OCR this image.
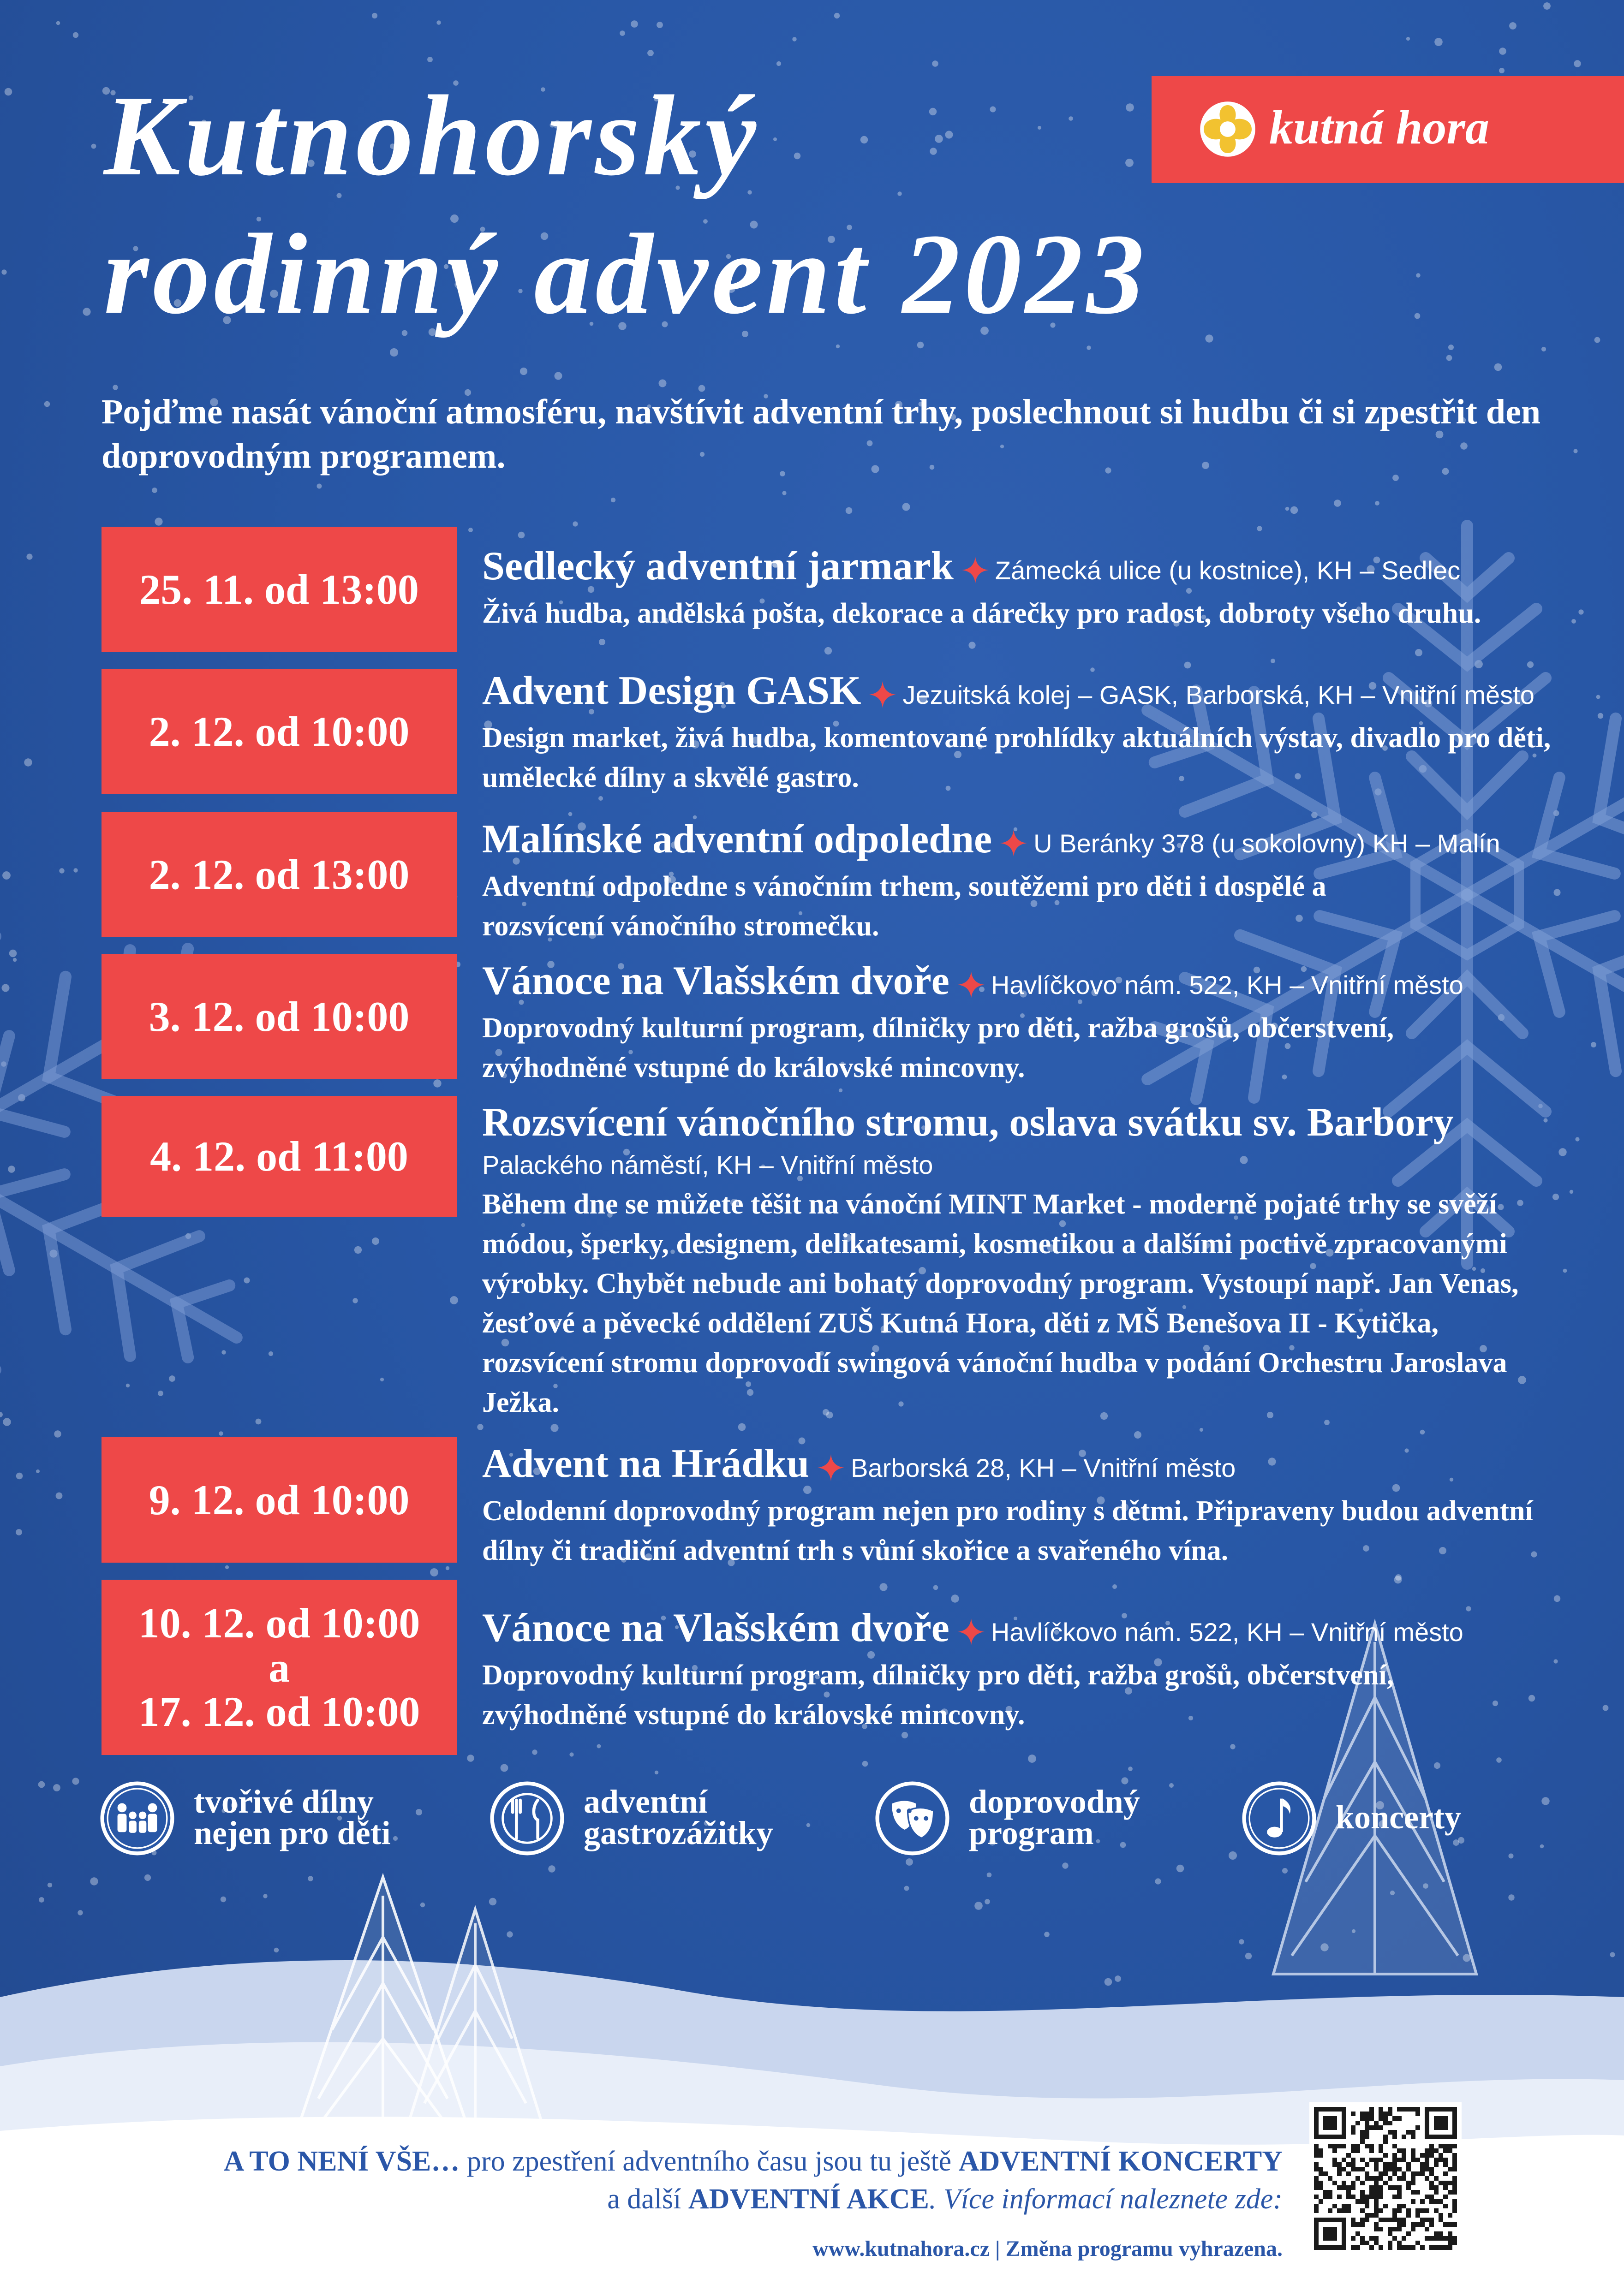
Kutnohorský
rodinný advent 2023
kutná hora
Pojďme nasát vánoční atmosféru, navštívit adventní trhy, poslechnout si hudbu či si zpestřit den doprovodným programem.
25. 11. od 13:00	Sedlecký adventní jarmark Zámecká ulice (u kostnice), KH – Sedlec
Živá hudba, andělská pošta, dekorace a dárečky pro radost, dobroty všeho druhu.
2. 12. od 10:00
Advent Design GASK Jezuitská kolej – GASK, Barborská, KH – Vnitřní město
Design market, živá hudba, komentované prohlídky aktuálních výstav, divadlo pro děti, umělecké dílny a skvělé gastro.
2. 12. od 13:00
Malínské adventní odpoledne U Beránky 378 (u sokolovny) KH – Malín
Adventní odpoledne s vánočním trhem, soutěžemi pro děti i dospělé a rozsvícení vánočního stromečku.
3. 12. od 10:00
Vánoce na Vlašském dvoře Havlíčkovo nám. 522, KH – Vnitřní město
Doprovodný kulturní program, dílničky pro děti, ražba grošů, občerstvení, zvýhodněné vstupné do královské mincovny.
4. 12. od 11:00
Rozsvícení vánočního stromu, oslava svátku sv. Barbory
Palackého náměstí, KH – Vnitřní město
Během dne se můžete těšit na vánoční MINT Market - moderně pojaté trhy se svěží módou, šperky, designem, delikatesami, kosmetikou a dalšími poctivě zpracovanými výrobky. Chybět nebude ani bohatý doprovodný program. Vystoupí např. Jan Venas, žesťové a pěvecké oddělení ZUŠ Kutná Hora, děti z MŠ Benešova II - Kytička, rozsvícení stromu doprovodí swingová vánoční hudba v podání Orchestru Jaroslava Ježka.
9. 12. od 10:00
Advent na Hrádku Barborská 28, KH – Vnitřní město
Celodenní doprovodný program nejen pro rodiny s dětmi. Připraveny budou adventní dílny či tradiční adventní trh s vůní skořice a svařeného vína.
10. 12. od 10:00
a
17. 12. od 10:00
Vánoce na Vlašském dvoře Havlíčkovo nám. 522, KH – Vnitřní město
Doprovodný kulturní program, dílničky pro děti, ražba grošů, občerstvení, zvýhodněné vstupné do královské mincovny.
tvořivé dílny
nejen pro děti
adventní
gastrozážitky
doprovodný
program	koncerty
A TO NENÍ VŠE… pro zpestření adventního času jsou tu ještě ADVENTNÍ KONCERTY
a další ADVENTNÍ AKCE. Více informací naleznete zde:
www.kutnahora.cz | Změna programu vyhrazena.
